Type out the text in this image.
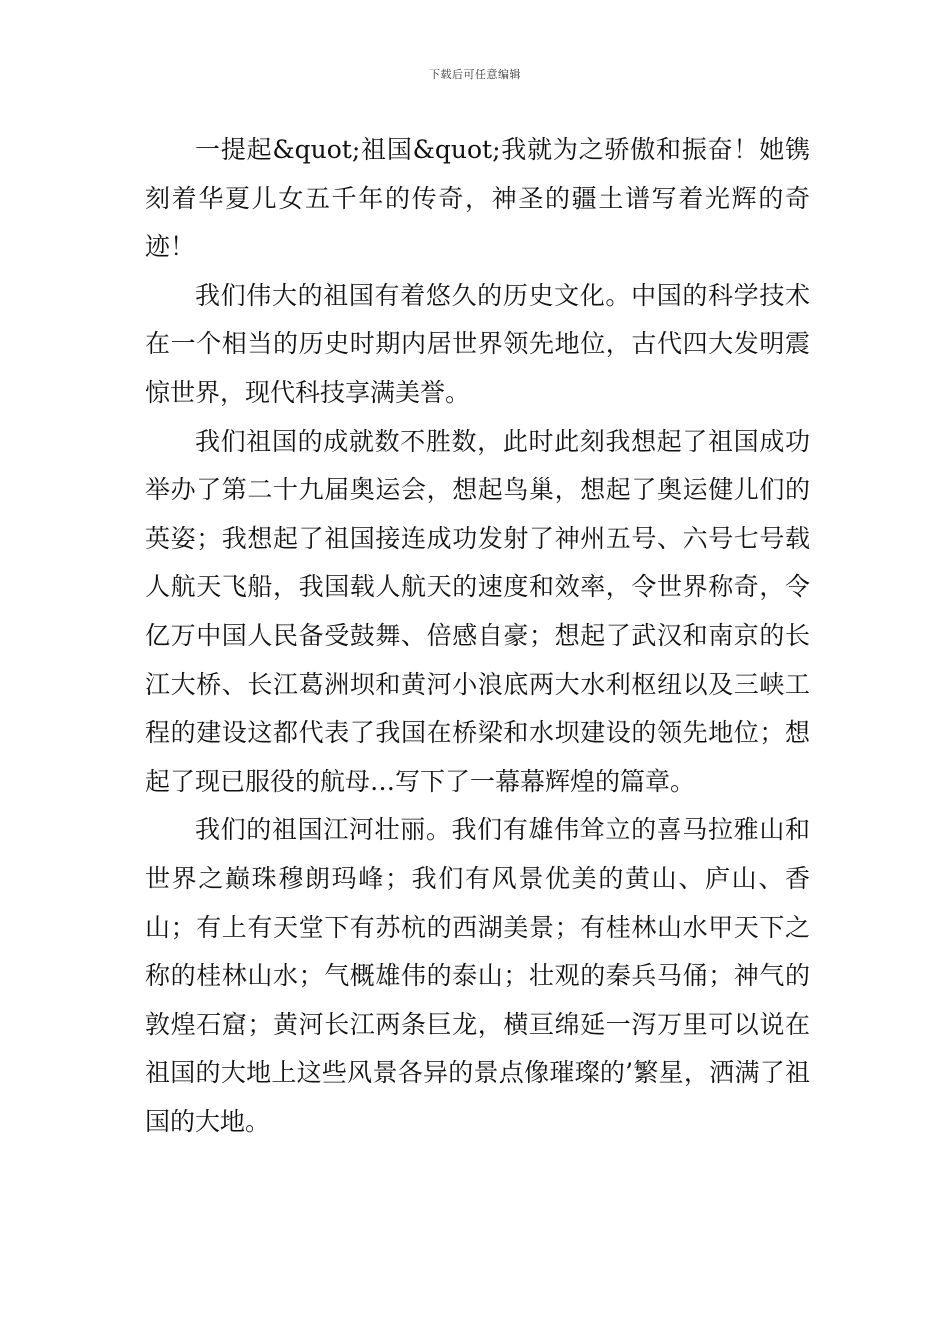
下载后可任意编辑

一提起&quot;祖国&quot;我就为之骄傲和振奋！她镌刻着华夏儿女五千年的传奇，神圣的疆土谱写着光辉的奇迹！

我们伟大的祖国有着悠久的历史文化。中国的科学技术在一个相当的历史时期内居世界领先地位，古代四大发明震惊世界，现代科技享满美誉。

我们祖国的成就数不胜数，此时此刻我想起了祖国成功举办了第二十九届奥运会，想起鸟巢，想起了奥运健儿们的英姿；我想起了祖国接连成功发射了神州五号、六号七号载人航天飞船，我国载人航天的速度和效率，令世界称奇，令亿万中国人民备受鼓舞、倍感自豪；想起了武汉和南京的长江大桥、长江葛洲坝和黄河小浪底两大水利枢纽以及三峡工程的建设这都代表了我国在桥梁和水坝建设的领先地位；想起了现已服役的航母…写下了一幕幕辉煌的篇章。

我们的祖国江河壮丽。我们有雄伟耸立的喜马拉雅山和世界之巅珠穆朗玛峰；我们有风景优美的黄山、庐山、香山；有上有天堂下有苏杭的西湖美景；有桂林山水甲天下之称的桂林山水；气概雄伟的泰山；壮观的秦兵马俑；神气的敦煌石窟；黄河长江两条巨龙，横亘绵延一泻万里可以说在祖国的大地上这些风景各异的景点像璀璨的’繁星，洒满了祖国的大地。
